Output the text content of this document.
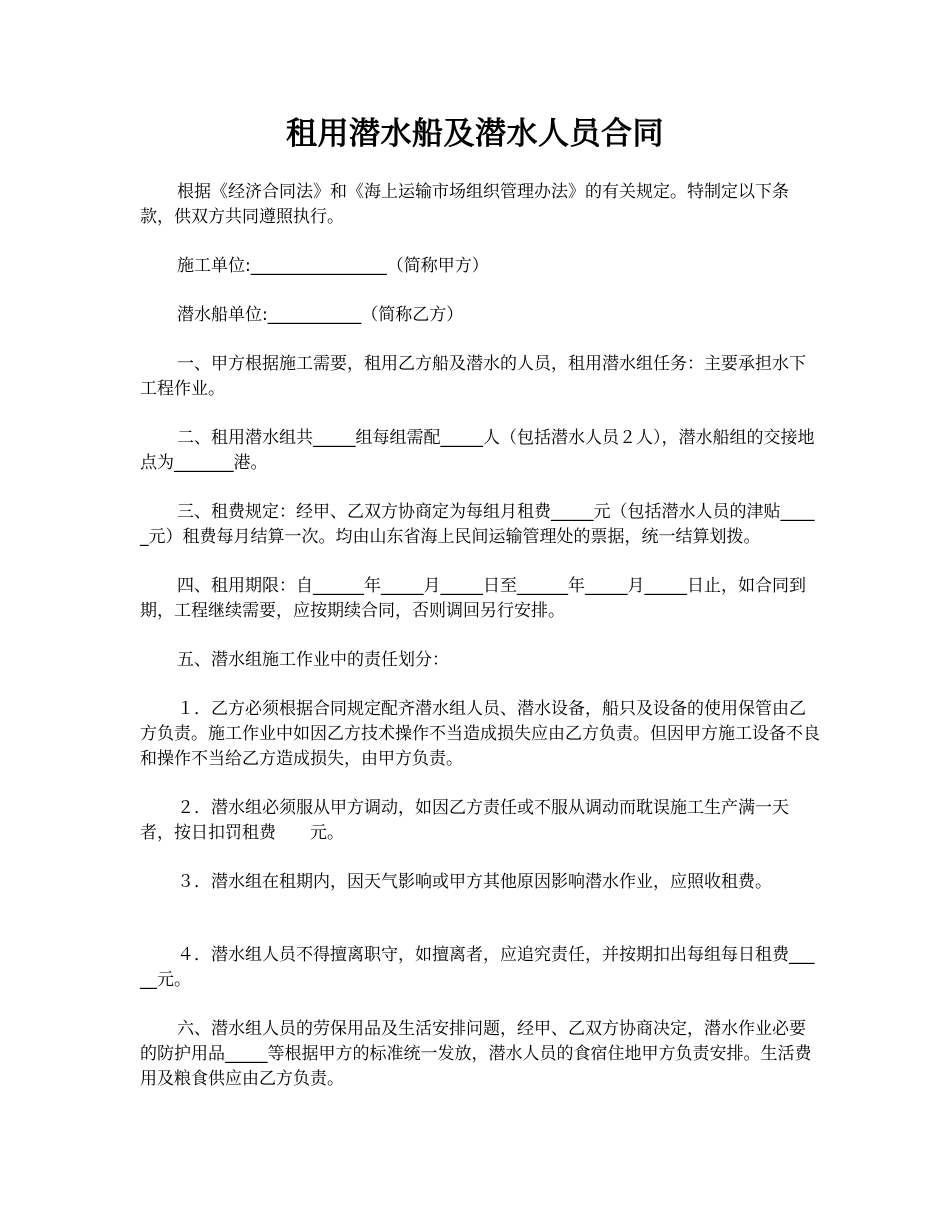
租用潜水船及潜水人员合同

根据《经济合同法》和《海上运输市场组织管理办法》的有关规定。特制定以下条款，供双方共同遵照执行。

施工单位:________________（简称甲方）

潜水船单位:___________（简称乙方）

一、甲方根据施工需要，租用乙方船及潜水的人员，租用潜水组任务：主要承担水下工程作业。

二、租用潜水组共_____组每组需配_____人（包括潜水人员２人），潜水船组的交接地点为_______港。

三、租费规定：经甲、乙双方协商定为每组月租费_____元（包括潜水人员的津贴_____元）租费每月结算一次。均由山东省海上民间运输管理处的票据，统一结算划拨。

四、租用期限：自______年_____月_____日至______年_____月_____日止，如合同到期，工程继续需要，应按期续合同，否则调回另行安排。

五、潜水组施工作业中的责任划分：

１．乙方必须根据合同规定配齐潜水组人员、潜水设备，船只及设备的使用保管由乙方负责。施工作业中如因乙方技术操作不当造成损失应由乙方负责。但因甲方施工设备不良和操作不当给乙方造成损失，由甲方负责。

２．潜水组必须服从甲方调动，如因乙方责任或不服从调动而耽误施工生产满一天者，按日扣罚租费　　元。

３．潜水组在租期内，因天气影响或甲方其他原因影响潜水作业，应照收租费。

４．潜水组人员不得擅离职守，如擅离者，应追究责任，并按期扣出每组每日租费_____元。

六、潜水组人员的劳保用品及生活安排问题，经甲、乙双方协商决定，潜水作业必要的防护用品_____等根据甲方的标准统一发放，潜水人员的食宿住地甲方负责安排。生活费用及粮食供应由乙方负责。
